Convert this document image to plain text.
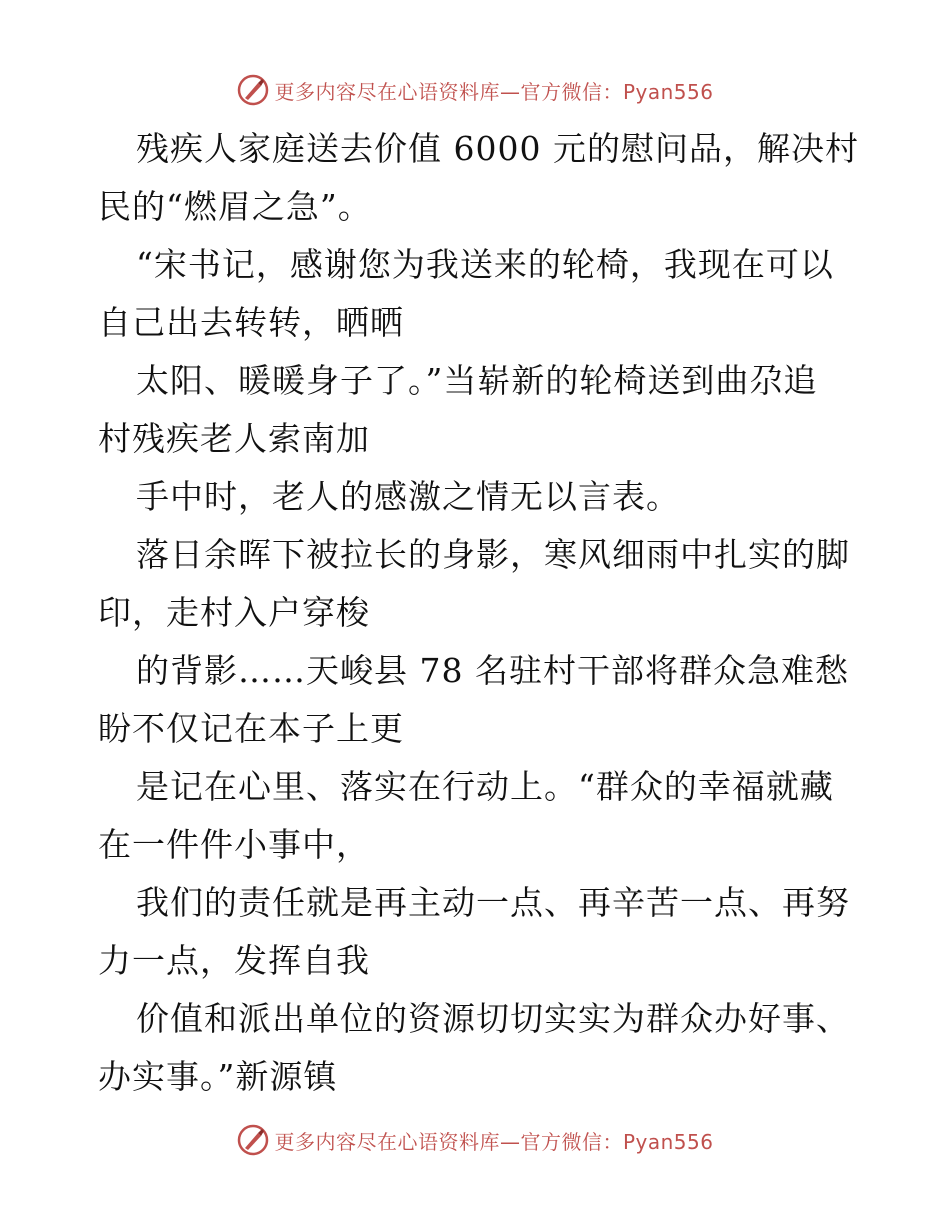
更多内容尽在心语资料库—官方微信：Pyan556
残疾人家庭送去价值 6000 元的慰问品，解决村
民的“燃眉之急”。
“宋书记，感谢您为我送来的轮椅，我现在可以
自己出去转转，晒晒
太阳、暖暖身子了。”当崭新的轮椅送到曲尕追
村残疾老人索南加
手中时，老人的感激之情无以言表。
落日余晖下被拉长的身影，寒风细雨中扎实的脚
印，走村入户穿梭
的背影……天峻县 78 名驻村干部将群众急难愁
盼不仅记在本子上更
是记在心里、落实在行动上。“群众的幸福就藏
在一件件小事中，
我们的责任就是再主动一点、再辛苦一点、再努
力一点，发挥自我
价值和派出单位的资源切切实实为群众办好事、
办实事。”新源镇
更多内容尽在心语资料库—官方微信：Pyan556
